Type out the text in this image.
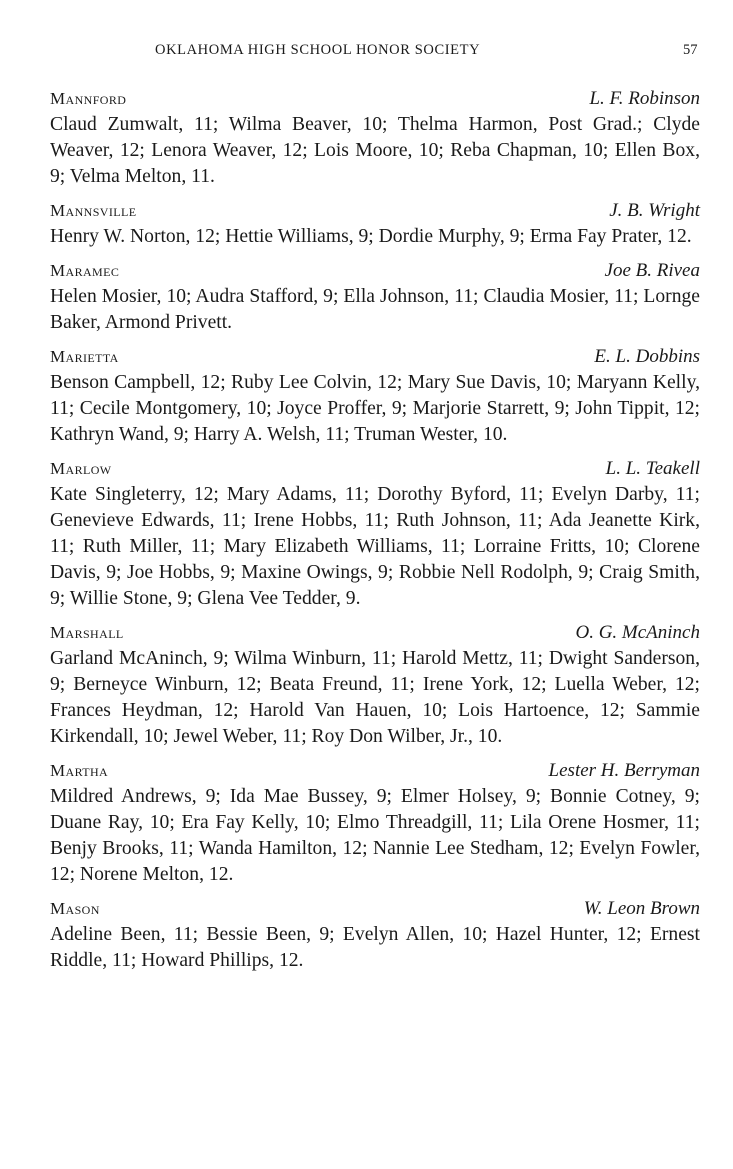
OKLAHOMA HIGH SCHOOL HONOR SOCIETY	57
Mannford	L. F. Robinson

Claud Zumwalt, 11; Wilma Beaver, 10; Thelma Harmon, Post Grad.; Clyde Weaver, 12; Lenora Weaver, 12; Lois Moore, 10; Reba Chapman, 10; Ellen Box, 9; Velma Melton, 11.

Mannsville	J. B. Wright

Henry W. Norton, 12; Hettie Williams, 9; Dordie Murphy, 9; Erma Fay Prater, 12.

Maramec	Joe B. Rivea

Helen Mosier, 10; Audra Stafford, 9; Ella Johnson, 11; Claudia Mosier, 11; Lornge Baker, Armond Privett.

Marietta	E. L. Dobbins

Benson Campbell, 12; Ruby Lee Colvin, 12; Mary Sue Davis, 10; Maryann Kelly, 11; Cecile Montgomery, 10; Joyce Proffer, 9; Marjorie Starrett, 9; John Tippit, 12; Kathryn Wand, 9; Harry A. Welsh, 11; Truman Wester, 10.

Marlow	L. L. Teakell

Kate Singleterry, 12; Mary Adams, 11; Dorothy Byford, 11; Evelyn Darby, 11; Genevieve Edwards, 11; Irene Hobbs, 11; Ruth Johnson, 11; Ada Jeanette Kirk, 11; Ruth Miller, 11; Mary Elizabeth Williams, 11; Lorraine Fritts, 10; Clorene Davis, 9; Joe Hobbs, 9; Maxine Owings, 9; Robbie Nell Rodolph, 9; Craig Smith, 9; Willie Stone, 9; Glena Vee Tedder, 9.

Marshall	O. G. McAninch

Garland McAninch, 9; Wilma Winburn, 11; Harold Mettz, 11; Dwight Sanderson, 9; Berneyce Winburn, 12; Beata Freund, 11; Irene York, 12; Luella Weber, 12; Frances Heydman, 12; Harold Van Hauen, 10; Lois Hartoence, 12; Sammie Kirkendall, 10; Jewel Weber, 11; Roy Don Wilber, Jr., 10.

Martha	Lester H. Berryman

Mildred Andrews, 9; Ida Mae Bussey, 9; Elmer Holsey, 9; Bonnie Cotney, 9; Duane Ray, 10; Era Fay Kelly, 10; Elmo Threadgill, 11; Lila Orene Hosmer, 11; Benjy Brooks, 11; Wanda Hamilton, 12; Nannie Lee Stedham, 12; Evelyn Fowler, 12; Norene Melton, 12.

Mason	W. Leon Brown

Adeline Been, 11; Bessie Been, 9; Evelyn Allen, 10; Hazel Hunter, 12; Ernest Riddle, 11; Howard Phillips, 12.
